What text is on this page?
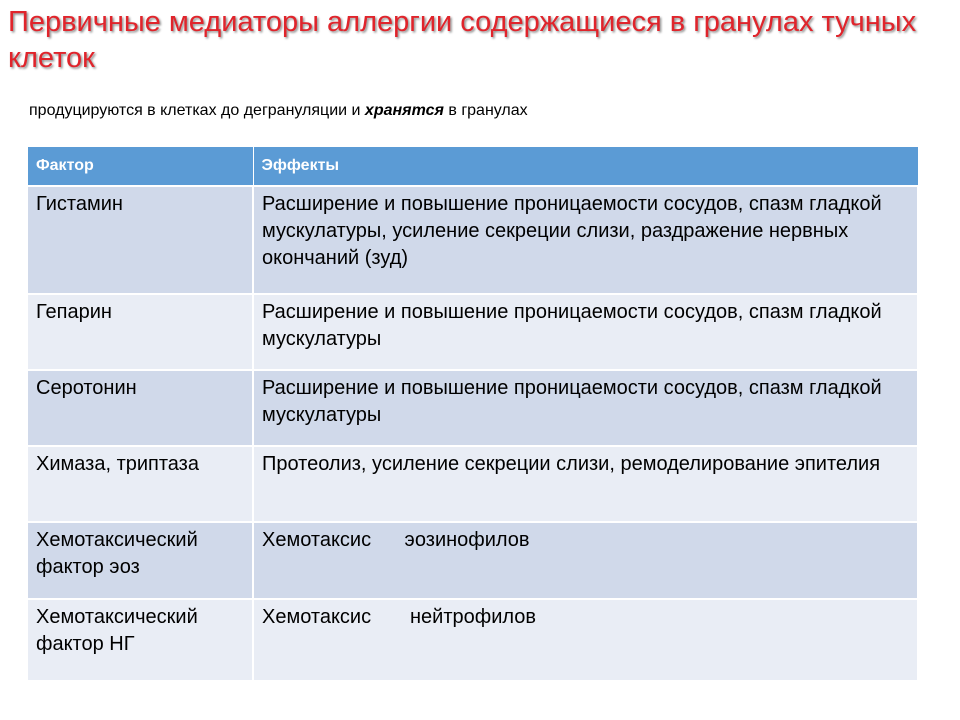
Первичные медиаторы аллергии содержащиеся в гранулах тучных клеток
продуцируются в клетках до дегрануляции и хранятся в гранулах
Фактор	Эффекты
Гистамин	Расширение и повышение проницаемости сосудов, спазм гладкой мускулатуры, усиление секреции слизи, раздражение нервных окончаний (зуд)
Гепарин	Расширение и повышение проницаемости сосудов, спазм гладкой мускулатуры
Серотонин	Расширение и повышение проницаемости сосудов, спазм гладкой мускулатуры
Химаза, триптаза	Протеолиз, усиление секреции слизи, ремоделирование эпителия
Хемотаксический фактор эоз	Хемотаксис      эозинофилов
Хемотаксический фактор НГ	Хемотаксис       нейтрофилов
